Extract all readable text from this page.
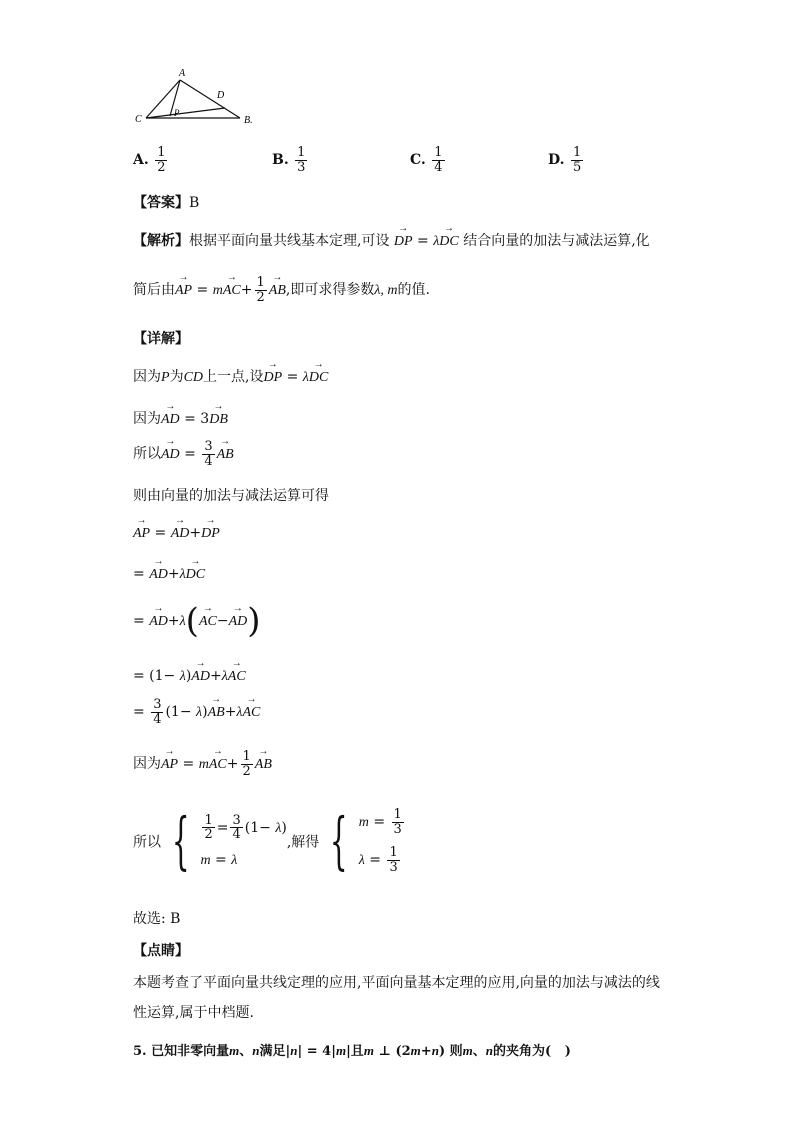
A
D
C
P
B.
A. $\frac{1}{2}$	B. $\frac{1}{3}$	C. $\frac{1}{4}$	D. $\frac{1}{5}$
【答案】B
【解析】根据平面向量共线基本定理,可设 → DP = λ→ DC 结合向量的加法与减法运算,化
简后由→ AP = $m\to AC+ \frac{1}{2}$ → AB,即可求得参数λ, m的值.
【详解】
因为P为CD上一点,设→ DP = λ→ DC
因为→ AD = 3→ DB
所以→ AD = $\frac{3}{4}$ → AB
则由向量的加法与减法运算可得
→ AP = → AD+→ DP
= → AD+λ→ DC
= → AD+λ(→ AC−→ AD)
= (1− λ)→ AD+λ→ AC
= $\frac{3}{4} (1- \lambda)\to AB+\lambda\to$ AC
因为→ AP = $m\to AC+ \frac{1}{2}$ → AB
所以 { $\frac{1}{2} = \frac{3}{4} (1- \lambda)$
m = λ
,解得 { $m = \frac{1}{3}$
$\lambda = \frac{1}{3}$
故选: B
【点睛】
本题考查了平面向量共线定理的应用,平面向量基本定理的应用,向量的加法与减法的线
性运算,属于中档题.
5. 已知非零向量m、n满足|n| = 4|m|且m ⊥ (2m+n) 则m、n的夹角为( )
